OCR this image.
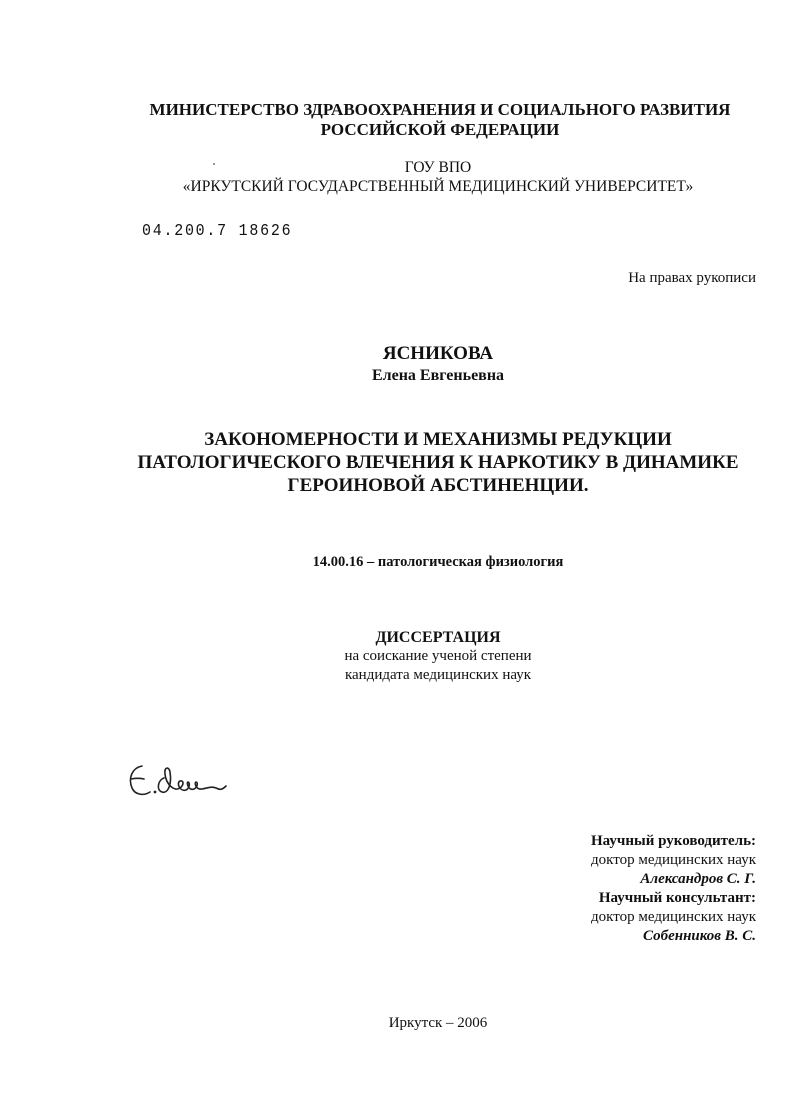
МИНИСТЕРСТВО ЗДРАВООХРАНЕНИЯ И СОЦИАЛЬНОГО РАЗВИТИЯ
РОССИЙСКОЙ ФЕДЕРАЦИИ
ГОУ ВПО
«ИРКУТСКИЙ ГОСУДАРСТВЕННЫЙ МЕДИЦИНСКИЙ УНИВЕРСИТЕТ»
04.200.7 18626
На правах рукописи
ЯСНИКОВА
Елена Евгеньевна
ЗАКОНОМЕРНОСТИ И МЕХАНИЗМЫ РЕДУКЦИИ
ПАТОЛОГИЧЕСКОГО ВЛЕЧЕНИЯ К НАРКОТИКУ В ДИНАМИКЕ
ГЕРОИНОВОЙ АБСТИНЕНЦИИ.
14.00.16 – патологическая физиология
ДИССЕРТАЦИЯ
на соискание ученой степени
кандидата медицинских наук
Научный руководитель:
доктор медицинских наук
Александров С. Г.
Научный консультант:
доктор медицинских наук
Собенников В. С.
Иркутск – 2006
